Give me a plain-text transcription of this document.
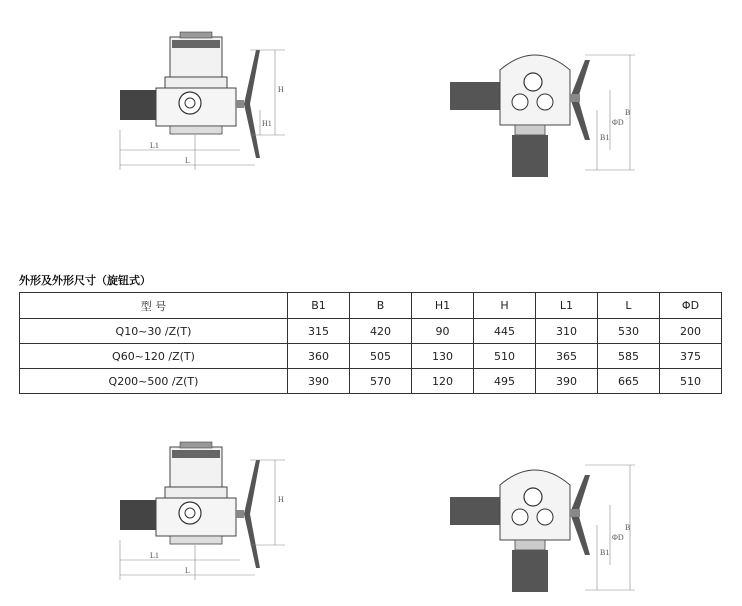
L1
L
H
H1
B1
ΦD
B
外形及外形尺寸（旋钮式）
型 号	B1	B	H1	H	L1	L	ΦD
Q10~30 /Z(T)	315	420	90	445	310	530	200
Q60~120 /Z(T)	360	505	130	510	365	585	375
Q200~500 /Z(T)	390	570	120	495	390	665	510
L1
L
H
B1
ΦD
B
